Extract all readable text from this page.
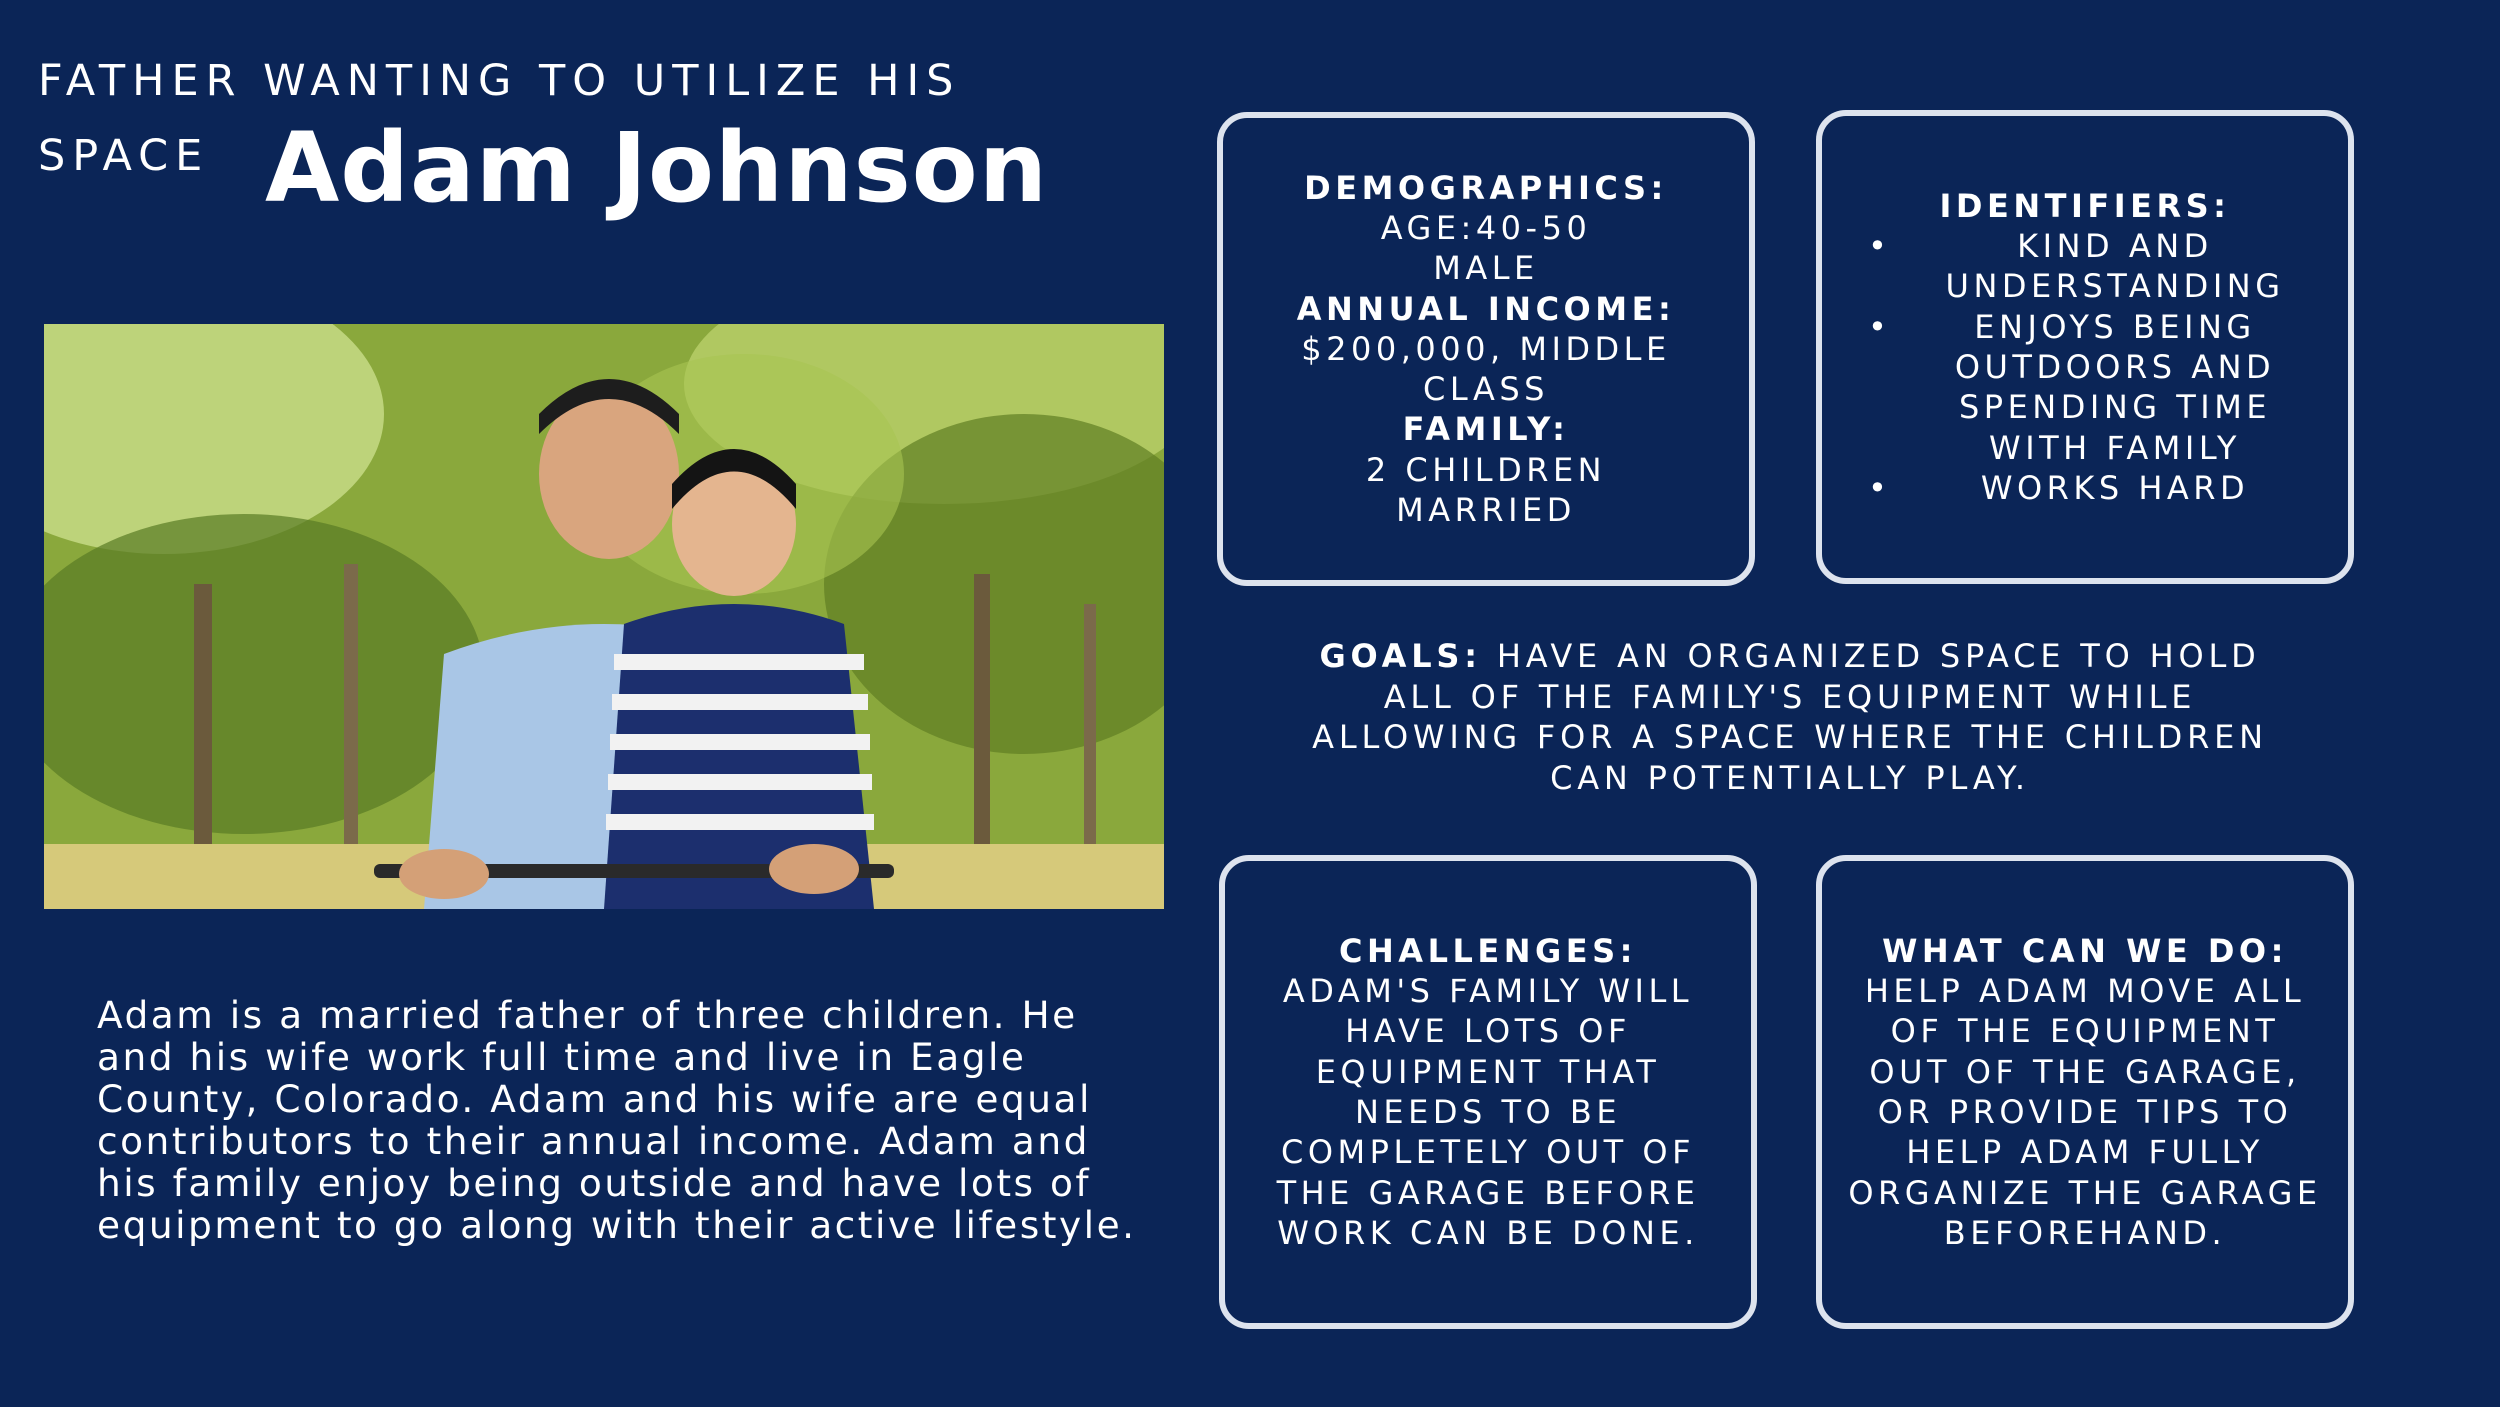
FATHER WANTING TO UTILIZE HIS
SPACE Adam Johnson

Adam is a married father of three children. He and his wife work full time and live in Eagle County, Colorado. Adam and his wife are equal contributors to their annual income. Adam and his family enjoy being outside and have lots of equipment to go along with their active lifestyle.

DEMOGRAPHICS:
AGE:40-50
MALE
ANNUAL INCOME:
$200,000, MIDDLE CLASS
FAMILY:
2 CHILDREN
MARRIED
IDENTIFIERS:
• KIND AND UNDERSTANDING
• ENJOYS BEING OUTDOORS AND SPENDING TIME WITH FAMILY
• WORKS HARD
GOALS: HAVE AN ORGANIZED SPACE TO HOLD ALL OF THE FAMILY'S EQUIPMENT WHILE ALLOWING FOR A SPACE WHERE THE CHILDREN CAN POTENTIALLY PLAY.
CHALLENGES:
ADAM'S FAMILY WILL HAVE LOTS OF EQUIPMENT THAT NEEDS TO BE COMPLETELY OUT OF THE GARAGE BEFORE WORK CAN BE DONE.
WHAT CAN WE DO:
HELP ADAM MOVE ALL OF THE EQUIPMENT OUT OF THE GARAGE, OR PROVIDE TIPS TO HELP ADAM FULLY ORGANIZE THE GARAGE BEFOREHAND.
